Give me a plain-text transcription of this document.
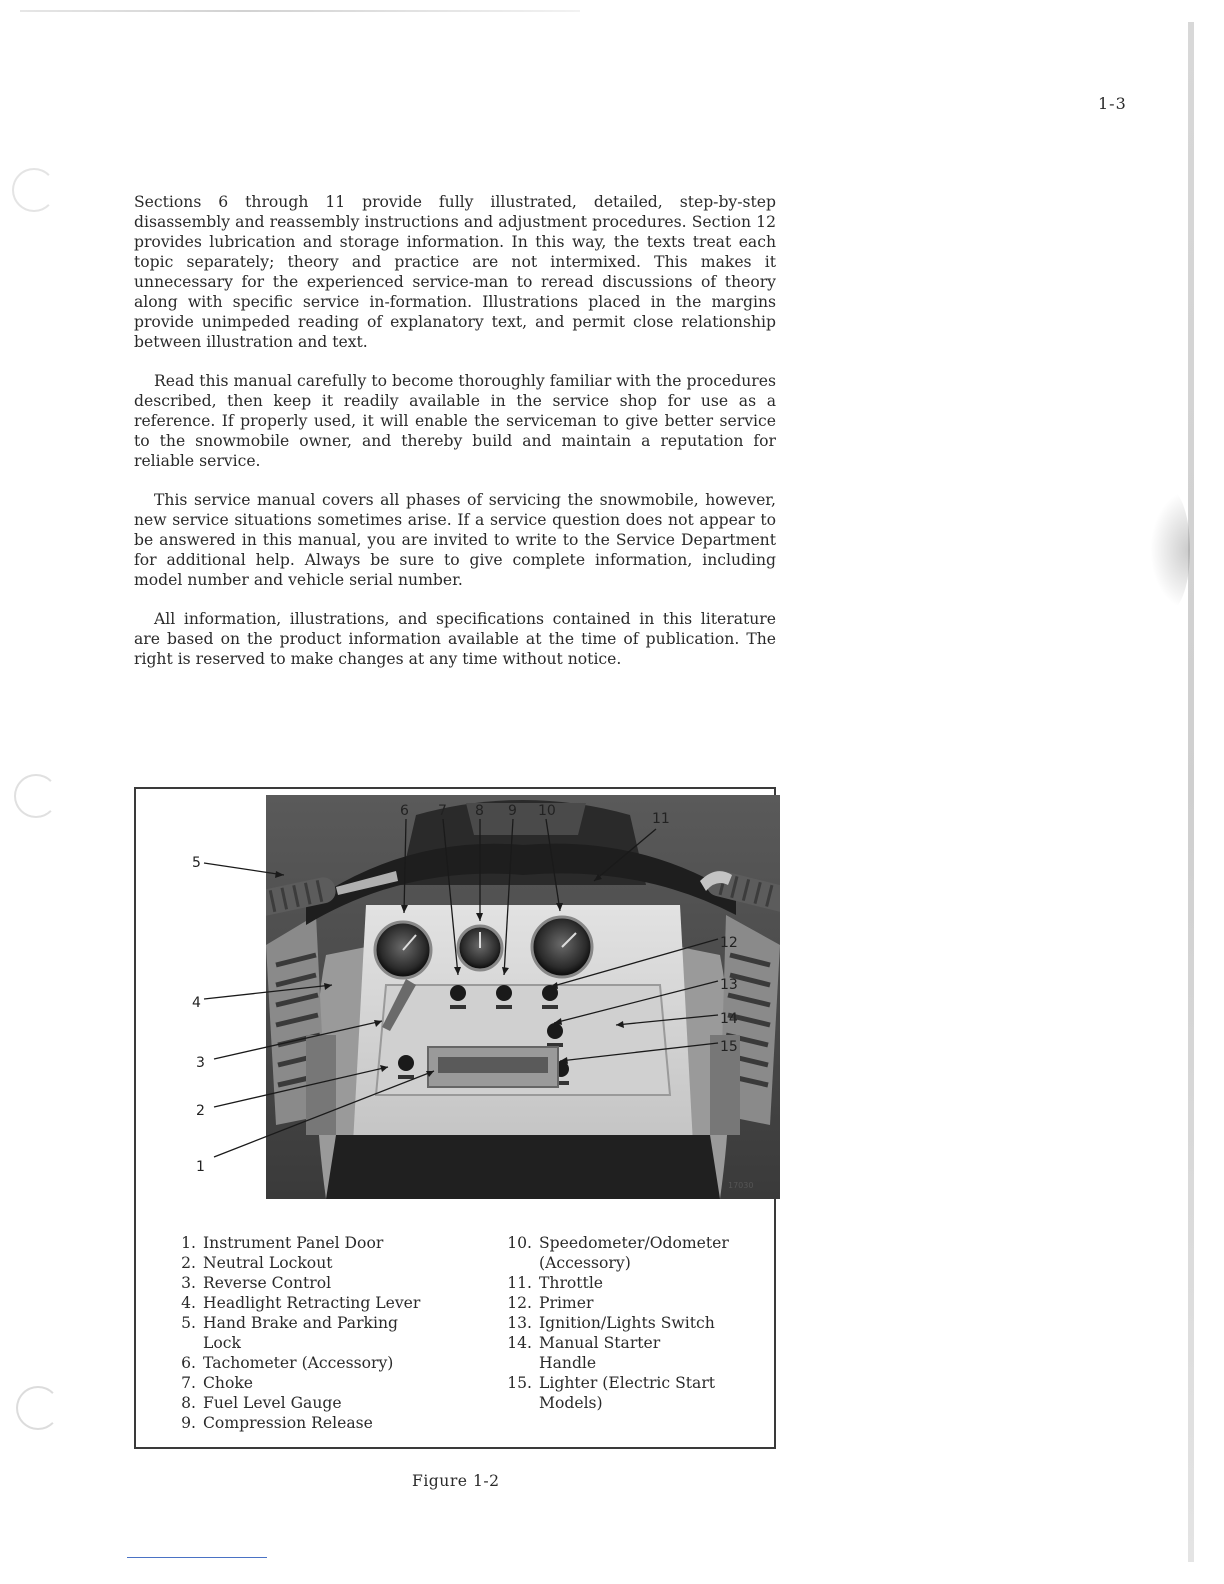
1-3

Sections 6 through 11 provide fully illustrated, detailed, step-by-step disassembly and reassembly instructions and adjustment procedures. Section 12 provides lubrication and storage information. In this way, the texts treat each topic separately; theory and practice are not intermixed. This makes it unnecessary for the experienced service-man to reread discussions of theory along with specific service in-formation. Illustrations placed in the margins provide unimpeded reading of explanatory text, and permit close relationship between illustration and text.

Read this manual carefully to become thoroughly familiar with the procedures described, then keep it readily available in the service shop for use as a reference. If properly used, it will enable the serviceman to give better service to the snowmobile owner, and thereby build and maintain a reputation for reliable service.

This service manual covers all phases of servicing the snowmobile, however, new service situations sometimes arise. If a service question does not appear to be answered in this manual, you are invited to write to the Service Department for additional help. Always be sure to give complete information, including model number and vehicle serial number.

All information, illustrations, and specifications contained in this literature are based on the product information available at the time of publication. The right is reserved to make changes at any time without notice.

1
2
3
4
5
6 7 8 9 10	11
12
13
14
15
17030
1. Instrument Panel Door
2. Neutral Lockout
3. Reverse Control
4. Headlight Retracting Lever
5. Hand Brake and Parking Lock
6. Tachometer (Accessory)
7. Choke
8. Fuel Level Gauge
9. Compression Release
10. Speedometer/Odometer (Accessory)
11. Throttle
12. Primer
13. Ignition/Lights Switch
14. Manual Starter Handle
15. Lighter (Electric Start Models)
Figure 1-2
